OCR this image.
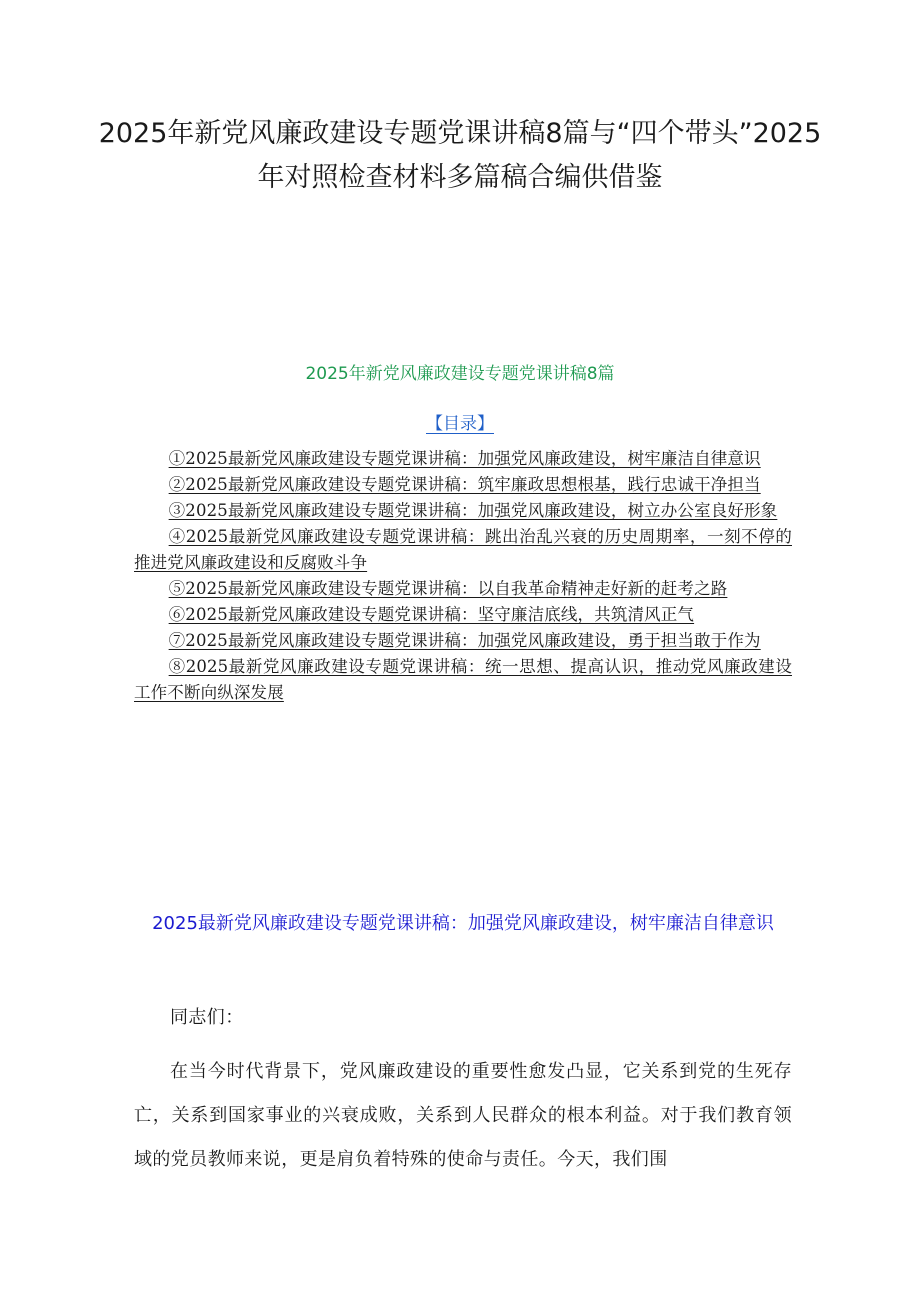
2025年新党风廉政建设专题党课讲稿8篇与“四个带头”2025年对照检查材料多篇稿合编供借鉴
2025年新党风廉政建设专题党课讲稿8篇
【目录】
①2025最新党风廉政建设专题党课讲稿：加强党风廉政建设，树牢廉洁自律意识
②2025最新党风廉政建设专题党课讲稿：筑牢廉政思想根基，践行忠诚干净担当
③2025最新党风廉政建设专题党课讲稿：加强党风廉政建设，树立办公室良好形象
④2025最新党风廉政建设专题党课讲稿：跳出治乱兴衰的历史周期率，一刻不停的推进党风廉政建设和反腐败斗争
⑤2025最新党风廉政建设专题党课讲稿：以自我革命精神走好新的赶考之路
⑥2025最新党风廉政建设专题党课讲稿：坚守廉洁底线，共筑清风正气
⑦2025最新党风廉政建设专题党课讲稿：加强党风廉政建设，勇于担当敢于作为
⑧2025最新党风廉政建设专题党课讲稿：统一思想、提高认识，推动党风廉政建设工作不断向纵深发展
2025最新党风廉政建设专题党课讲稿：加强党风廉政建设，树牢廉洁自律意识

同志们：

在当今时代背景下，党风廉政建设的重要性愈发凸显，它关系到党的生死存亡，关系到国家事业的兴衰成败，关系到人民群众的根本利益。对于我们教育领域的党员教师来说，更是肩负着特殊的使命与责任。今天，我们围
